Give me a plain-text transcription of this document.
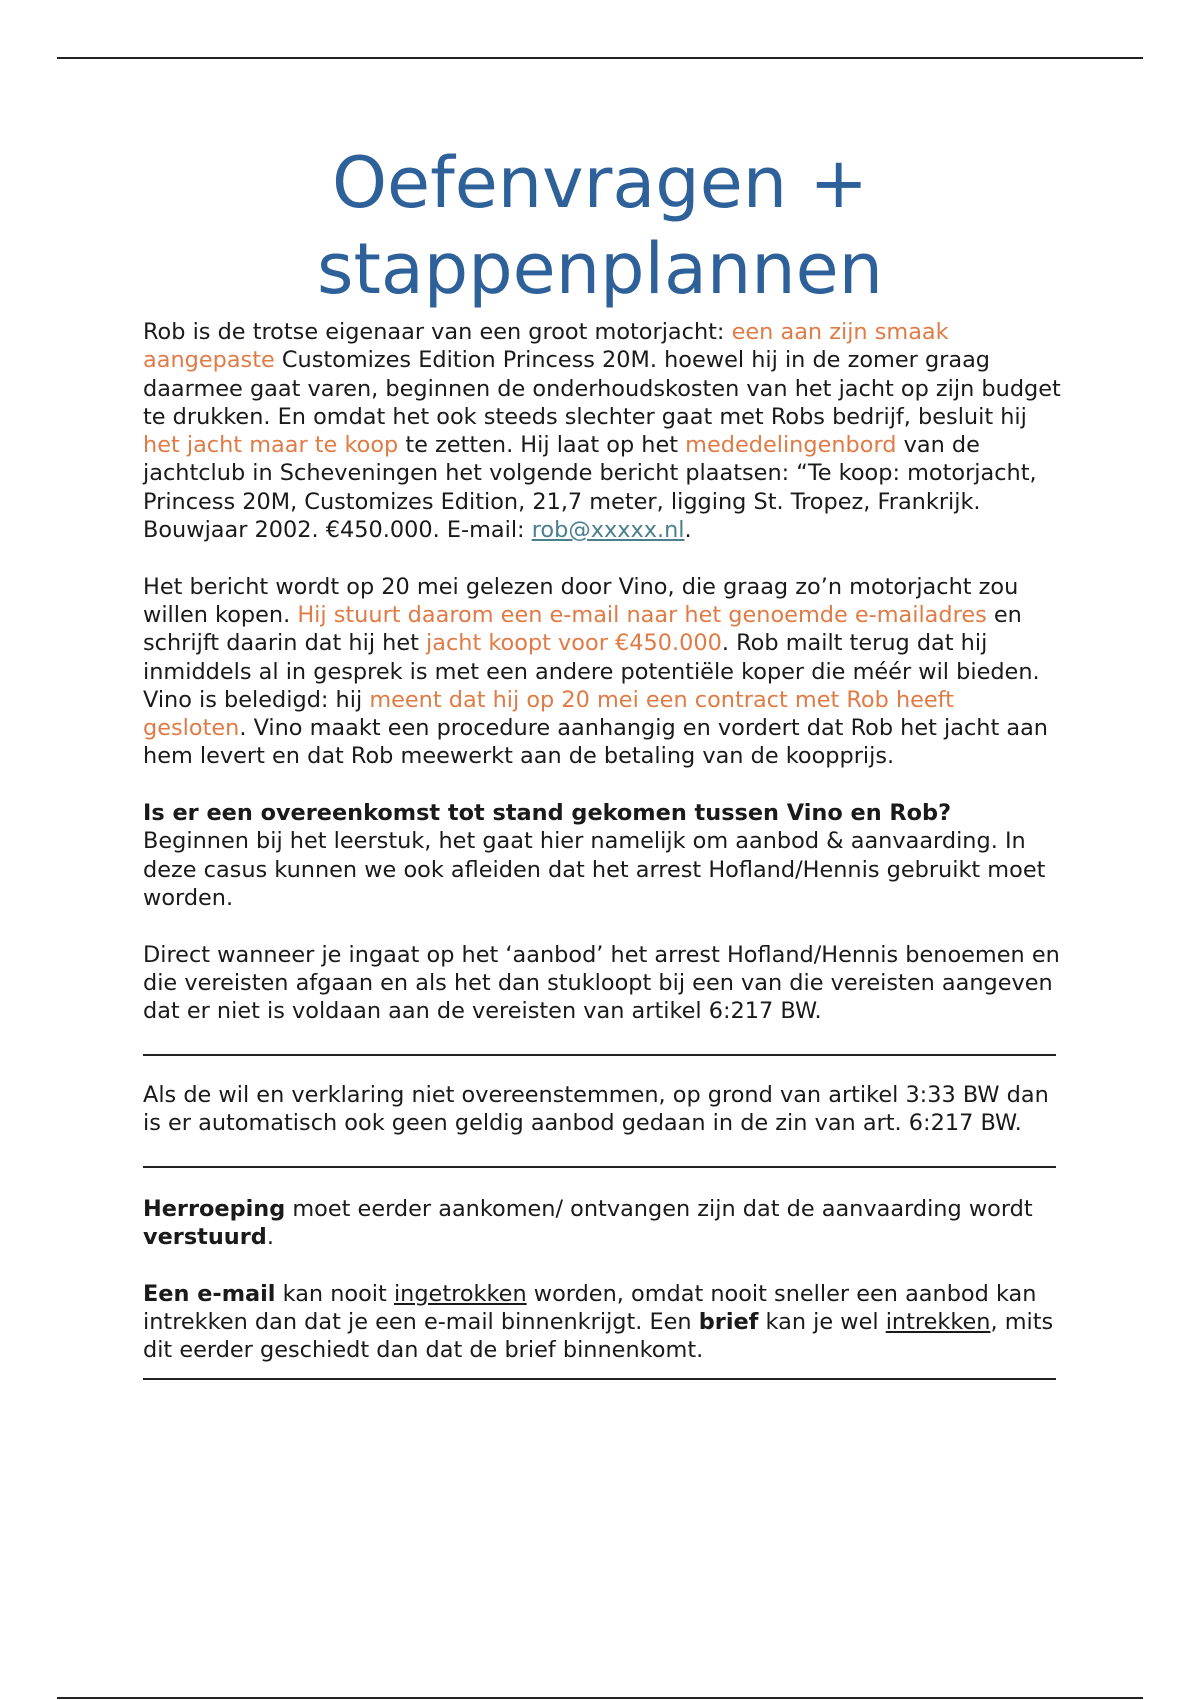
Oefenvragen +
stappenplannen

Rob is de trotse eigenaar van een groot motorjacht: een aan zijn smaak aangepaste Customizes Edition Princess 20M. hoewel hij in de zomer graag daarmee gaat varen, beginnen de onderhoudskosten van het jacht op zijn budget te drukken. En omdat het ook steeds slechter gaat met Robs bedrijf, besluit hij het jacht maar te koop te zetten. Hij laat op het mededelingenbord van de jachtclub in Scheveningen het volgende bericht plaatsen: “Te koop: motorjacht, Princess 20M, Customizes Edition, 21,7 meter, ligging St. Tropez, Frankrijk. Bouwjaar 2002. €450.000. E-mail: rob@xxxxx.nl.

Het bericht wordt op 20 mei gelezen door Vino, die graag zo’n motorjacht zou willen kopen. Hij stuurt daarom een e-mail naar het genoemde e-mailadres en schrijft daarin dat hij het jacht koopt voor €450.000. Rob mailt terug dat hij inmiddels al in gesprek is met een andere potentiële koper die méér wil bieden. Vino is beledigd: hij meent dat hij op 20 mei een contract met Rob heeft gesloten. Vino maakt een procedure aanhangig en vordert dat Rob het jacht aan hem levert en dat Rob meewerkt aan de betaling van de koopprijs.

Is er een overeenkomst tot stand gekomen tussen Vino en Rob?
Beginnen bij het leerstuk, het gaat hier namelijk om aanbod & aanvaarding. In deze casus kunnen we ook afleiden dat het arrest Hofland/Hennis gebruikt moet worden.

Direct wanneer je ingaat op het ‘aanbod’ het arrest Hofland/Hennis benoemen en die vereisten afgaan en als het dan stukloopt bij een van die vereisten aangeven dat er niet is voldaan aan de vereisten van artikel 6:217 BW.

Als de wil en verklaring niet overeenstemmen, op grond van artikel 3:33 BW dan is er automatisch ook geen geldig aanbod gedaan in de zin van art. 6:217 BW.

Herroeping moet eerder aankomen/ ontvangen zijn dat de aanvaarding wordt verstuurd.

Een e-mail kan nooit ingetrokken worden, omdat nooit sneller een aanbod kan intrekken dan dat je een e-mail binnenkrijgt. Een brief kan je wel intrekken, mits dit eerder geschiedt dan dat de brief binnenkomt.
